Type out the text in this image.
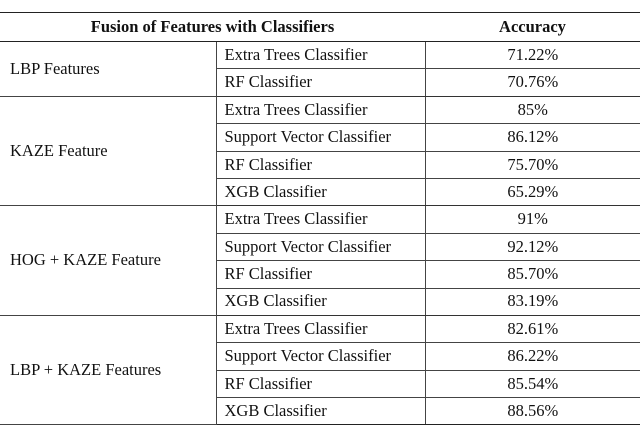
Fusion of Features with Classifiers		Accuracy
LBP Features	Extra Trees Classifier	71.22%
	RF Classifier	70.76%
KAZE Feature	Extra Trees Classifier	85%
	Support Vector Classifier	86.12%
	RF Classifier	75.70%
	XGB Classifier	65.29%
HOG + KAZE Feature	Extra Trees Classifier	91%
	Support Vector Classifier	92.12%
	RF Classifier	85.70%
	XGB Classifier	83.19%
LBP + KAZE Features	Extra Trees Classifier	82.61%
	Support Vector Classifier	86.22%
	RF Classifier	85.54%
	XGB Classifier	88.56%
